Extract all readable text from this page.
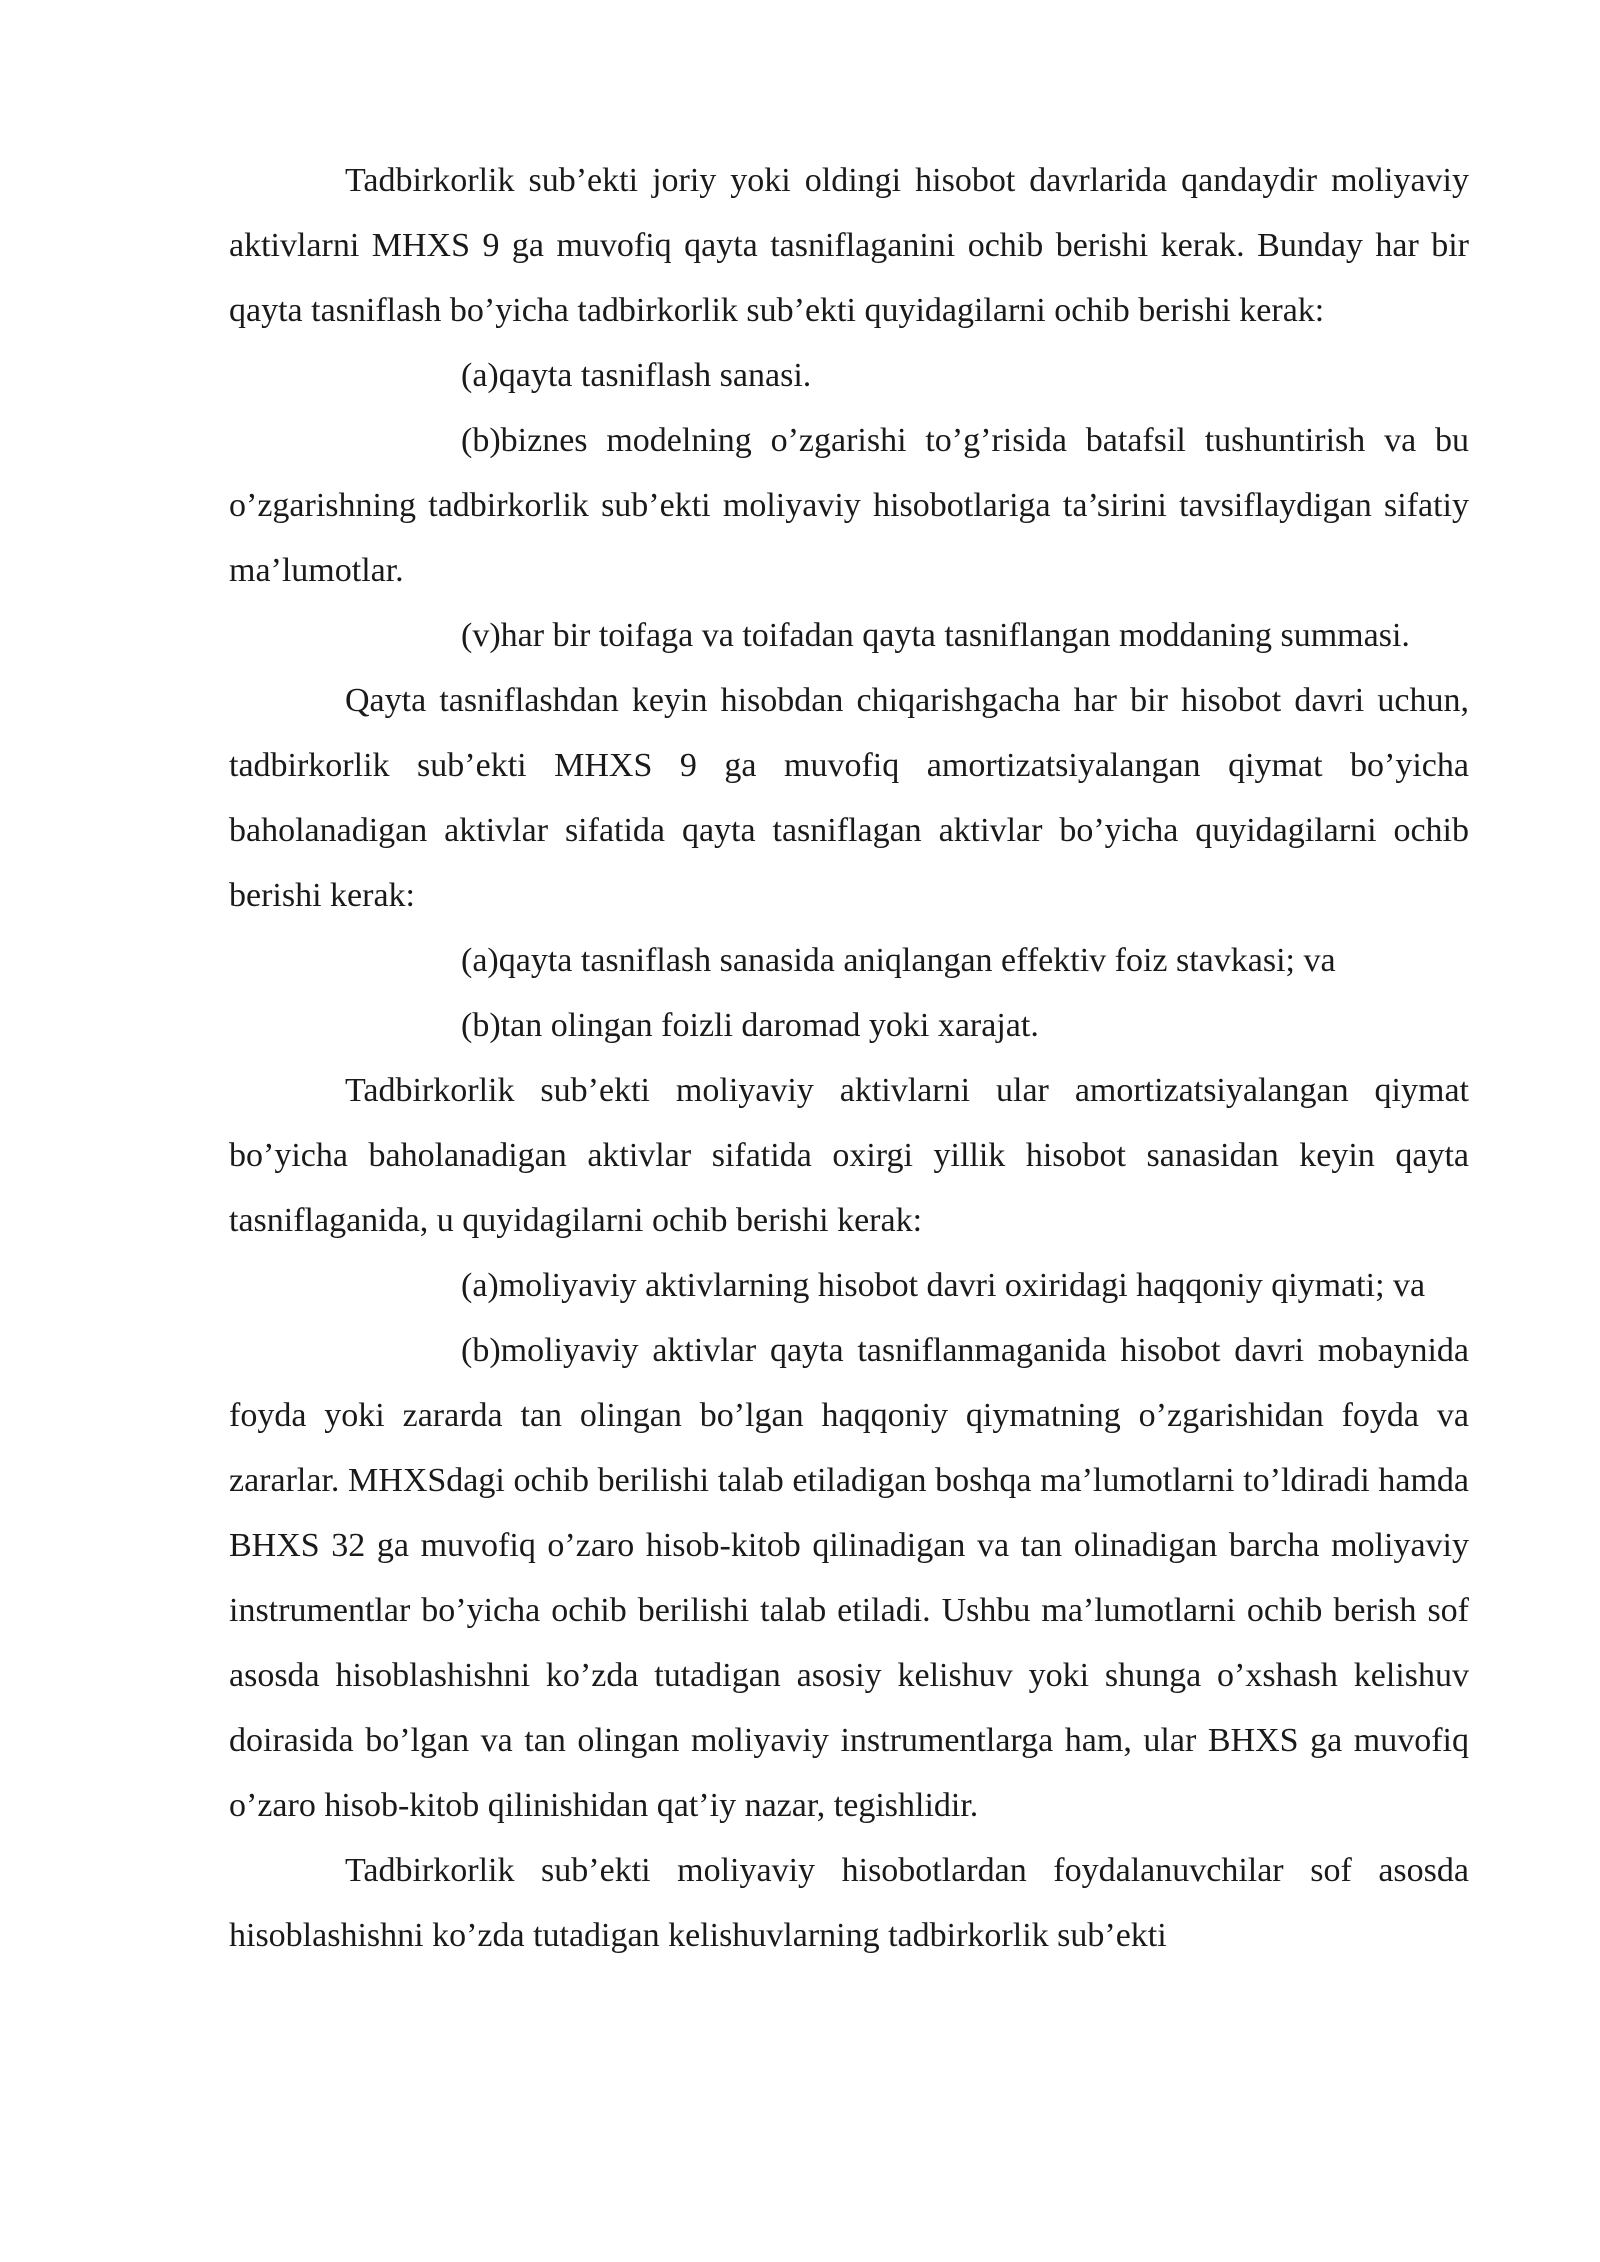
Tadbirkorlik sub’ekti joriy yoki oldingi hisobot davrlarida qandaydir moliyaviy aktivlarni MHXS 9 ga muvofiq qayta tasniflaganini ochib berishi kerak. Bunday har bir qayta tasniflash bo’yicha tadbirkorlik sub’ekti quyidagilarni ochib berishi kerak:

(a)qayta tasniflash sanasi.

(b)biznes modelning o’zgarishi to’g’risida batafsil tushuntirish va bu o’zgarishning tadbirkorlik sub’ekti moliyaviy hisobotlariga ta’sirini tavsiflaydigan sifatiy ma’lumotlar.

(v)har bir toifaga va toifadan qayta tasniflangan moddaning summasi.

Qayta tasniflashdan keyin hisobdan chiqarishgacha har bir hisobot davri uchun, tadbirkorlik sub’ekti MHXS 9 ga muvofiq amortizatsiyalangan qiymat bo’yicha baholanadigan aktivlar sifatida qayta tasniflagan aktivlar bo’yicha quyidagilarni ochib berishi kerak:

(a)qayta tasniflash sanasida aniqlangan effektiv foiz stavkasi; va

(b)tan olingan foizli daromad yoki xarajat.

Tadbirkorlik sub’ekti moliyaviy aktivlarni ular amortizatsiyalangan qiymat bo’yicha baholanadigan aktivlar sifatida oxirgi yillik hisobot sanasidan keyin qayta tasniflaganida, u quyidagilarni ochib berishi kerak:

(a)moliyaviy aktivlarning hisobot davri oxiridagi haqqoniy qiymati; va

(b)moliyaviy aktivlar qayta tasniflanmaganida hisobot davri mobaynida foyda yoki zararda tan olingan bo’lgan haqqoniy qiymatning o’zgarishidan foyda va zararlar. MHXSdagi ochib berilishi talab etiladigan boshqa ma’lumotlarni to’ldiradi hamda BHXS 32 ga muvofiq o’zaro hisob-kitob qilinadigan va tan olinadigan barcha moliyaviy instrumentlar bo’yicha ochib berilishi talab etiladi. Ushbu ma’lumotlarni ochib berish sof asosda hisoblashishni ko’zda tutadigan asosiy kelishuv yoki shunga o’xshash kelishuv doirasida bo’lgan va tan olingan moliyaviy instrumentlarga ham, ular BHXS ga muvofiq o’zaro hisob-kitob qilinishidan qat’iy nazar, tegishlidir.

Tadbirkorlik sub’ekti moliyaviy hisobotlardan foydalanuvchilar sof asosda hisoblashishni ko’zda tutadigan kelishuvlarning tadbirkorlik sub’ekti
